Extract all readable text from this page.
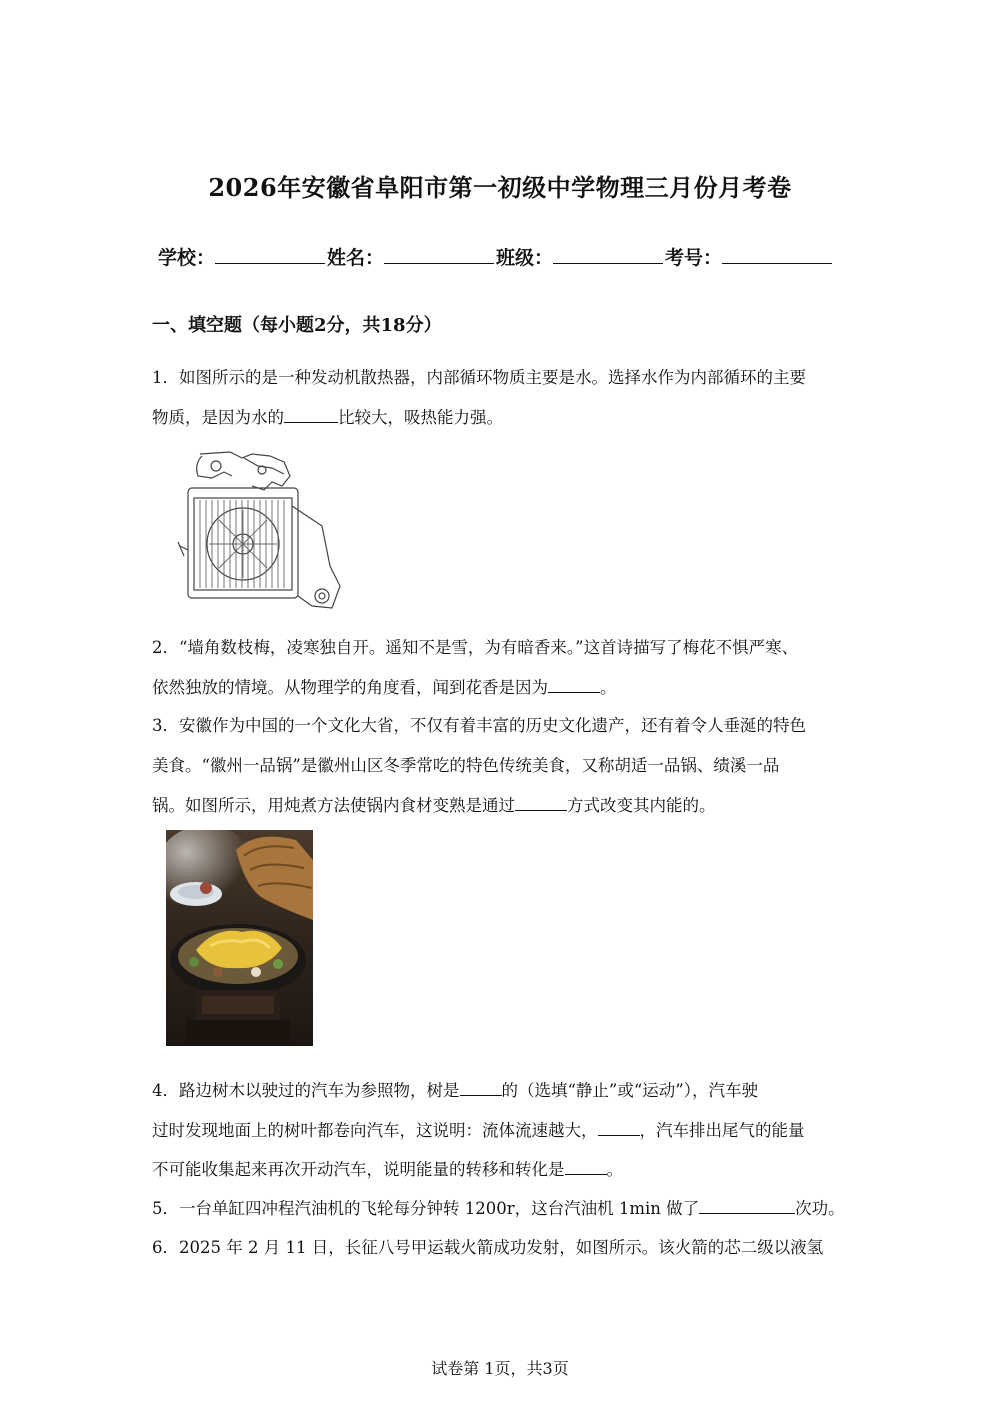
2026年安徽省阜阳市第一初级中学物理三月份月考卷
学校：	姓名：	班级：	考号：
一、填空题（每小题2分，共18分）
1．如图所示的是一种发动机散热器，内部循环物质主要是水。选择水作为内部循环的主要
物质，是因为水的	比较大，吸热能力强。
2．“墙角数枝梅，凌寒独自开。遥知不是雪，为有暗香来。”这首诗描写了梅花不惧严寒、
依然独放的情境。从物理学的角度看，闻到花香是因为	。
3．安徽作为中国的一个文化大省，不仅有着丰富的历史文化遗产，还有着令人垂涎的特色
美食。“徽州一品锅”是徽州山区冬季常吃的特色传统美食，又称胡适一品锅、绩溪一品
锅。如图所示，用炖煮方法使锅内食材变熟是通过	方式改变其内能的。
4．路边树木以驶过的汽车为参照物，树是	的（选填“静止”或“运动”），汽车驶
过时发现地面上的树叶都卷向汽车，这说明：流体流速越大，	，汽车排出尾气的能量
不可能收集起来再次开动汽车，说明能量的转移和转化是	。
5．一台单缸四冲程汽油机的飞轮每分钟转 1200r，这台汽油机 1min 做了	次功。
6．2025 年 2 月 11 日，长征八号甲运载火箭成功发射，如图所示。该火箭的芯二级以液氢
试卷第 1页，共3页
